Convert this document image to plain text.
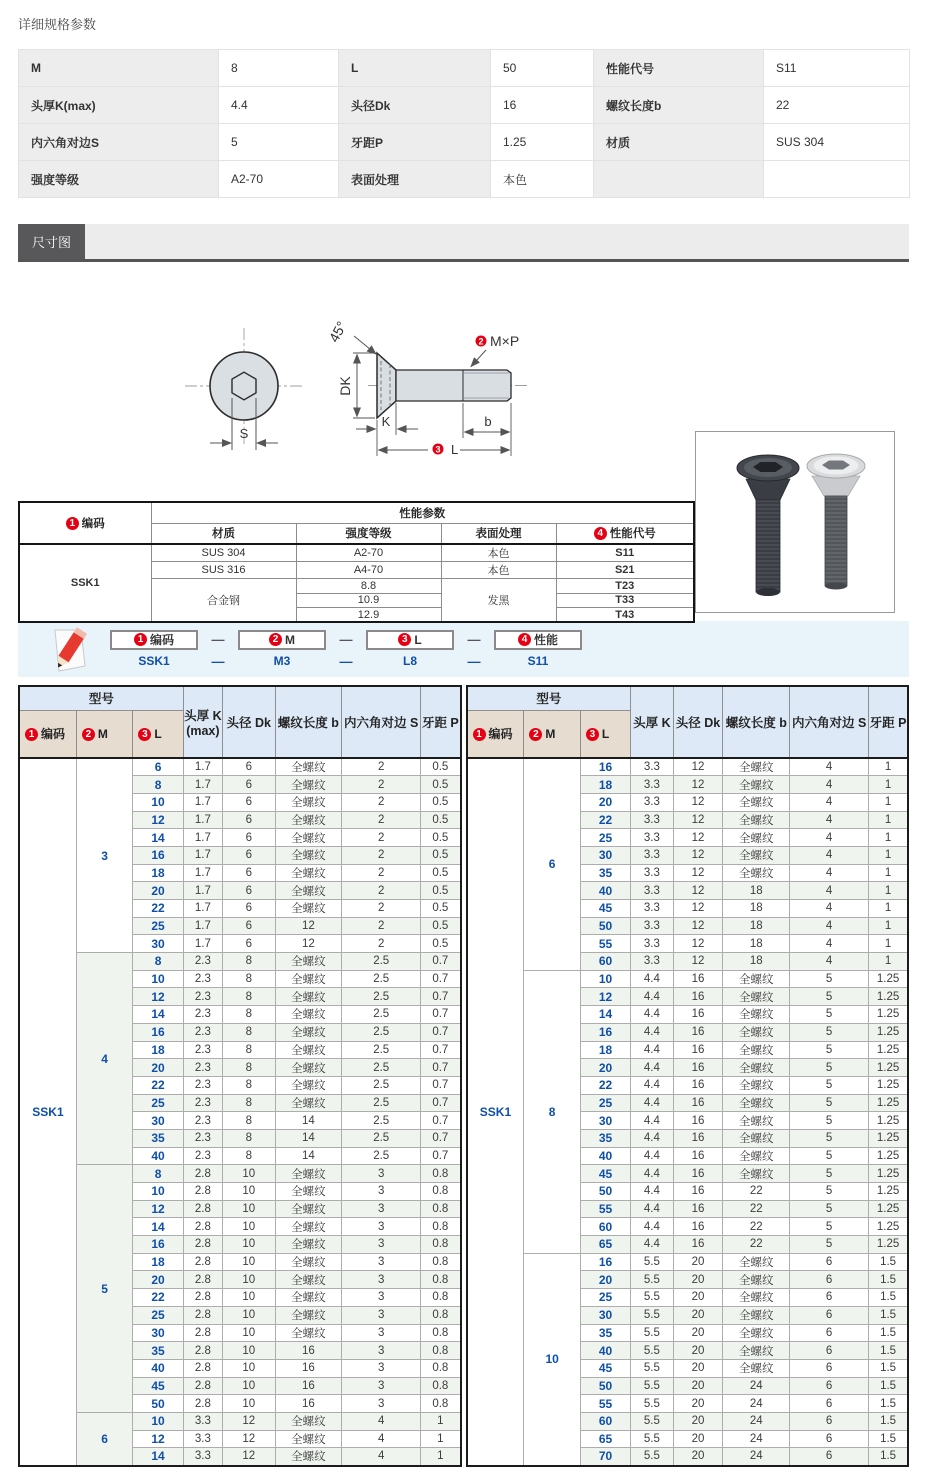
详细规格参数
M	8	L	50	性能代号	S11
头厚K(max)	4.4	头径Dk	16	螺纹长度b	22
内六角对边S	5	牙距P	1.25	材质	SUS 304
强度等级	A2-70	表面处理	本色		
尺寸图
S
45°
DK
K	b
3 L
2 M×P
1 编码	性能参数			
	材质	强度等级	表面处理	4 性能代号
SSK1	SUS 304	A2-70	本色	S11
	SUS 316	A4-70	本色	S21
	合金钢	8.8	发黑	T23
		10.9		T33
		12.9		T43
1 编码	—	2 M	—	3 L	—	4 性能
SSK1	—	M3	—	L8	—	S11
型号			头厚 K
(max)	头径 Dk	螺纹长度 b	内六角对边 S	牙距 P
1 编码	2 M	3 L					
SSK1	3	6	1.7	6	全螺纹	2	0.5
		8	1.7	6	全螺纹	2	0.5
		10	1.7	6	全螺纹	2	0.5
		12	1.7	6	全螺纹	2	0.5
		14	1.7	6	全螺纹	2	0.5
		16	1.7	6	全螺纹	2	0.5
		18	1.7	6	全螺纹	2	0.5
		20	1.7	6	全螺纹	2	0.5
		22	1.7	6	全螺纹	2	0.5
		25	1.7	6	12	2	0.5
		30	1.7	6	12	2	0.5
	4	8	2.3	8	全螺纹	2.5	0.7
		10	2.3	8	全螺纹	2.5	0.7
		12	2.3	8	全螺纹	2.5	0.7
		14	2.3	8	全螺纹	2.5	0.7
		16	2.3	8	全螺纹	2.5	0.7
		18	2.3	8	全螺纹	2.5	0.7
		20	2.3	8	全螺纹	2.5	0.7
		22	2.3	8	全螺纹	2.5	0.7
		25	2.3	8	全螺纹	2.5	0.7
		30	2.3	8	14	2.5	0.7
		35	2.3	8	14	2.5	0.7
		40	2.3	8	14	2.5	0.7
	5	8	2.8	10	全螺纹	3	0.8
		10	2.8	10	全螺纹	3	0.8
		12	2.8	10	全螺纹	3	0.8
		14	2.8	10	全螺纹	3	0.8
		16	2.8	10	全螺纹	3	0.8
		18	2.8	10	全螺纹	3	0.8
		20	2.8	10	全螺纹	3	0.8
		22	2.8	10	全螺纹	3	0.8
		25	2.8	10	全螺纹	3	0.8
		30	2.8	10	全螺纹	3	0.8
		35	2.8	10	16	3	0.8
		40	2.8	10	16	3	0.8
		45	2.8	10	16	3	0.8
		50	2.8	10	16	3	0.8
	6	10	3.3	12	全螺纹	4	1
		12	3.3	12	全螺纹	4	1
		14	3.3	12	全螺纹	4	1
型号			头厚 K	头径 Dk	螺纹长度 b	内六角对边 S	牙距 P
1 编码	2 M	3 L					
SSK1	6	16	3.3	12	全螺纹	4	1
		18	3.3	12	全螺纹	4	1
		20	3.3	12	全螺纹	4	1
		22	3.3	12	全螺纹	4	1
		25	3.3	12	全螺纹	4	1
		30	3.3	12	全螺纹	4	1
		35	3.3	12	全螺纹	4	1
		40	3.3	12	18	4	1
		45	3.3	12	18	4	1
		50	3.3	12	18	4	1
		55	3.3	12	18	4	1
		60	3.3	12	18	4	1
	8	10	4.4	16	全螺纹	5	1.25
		12	4.4	16	全螺纹	5	1.25
		14	4.4	16	全螺纹	5	1.25
		16	4.4	16	全螺纹	5	1.25
		18	4.4	16	全螺纹	5	1.25
		20	4.4	16	全螺纹	5	1.25
		22	4.4	16	全螺纹	5	1.25
		25	4.4	16	全螺纹	5	1.25
		30	4.4	16	全螺纹	5	1.25
		35	4.4	16	全螺纹	5	1.25
		40	4.4	16	全螺纹	5	1.25
		45	4.4	16	全螺纹	5	1.25
		50	4.4	16	22	5	1.25
		55	4.4	16	22	5	1.25
		60	4.4	16	22	5	1.25
		65	4.4	16	22	5	1.25
	10	16	5.5	20	全螺纹	6	1.5
		20	5.5	20	全螺纹	6	1.5
		25	5.5	20	全螺纹	6	1.5
		30	5.5	20	全螺纹	6	1.5
		35	5.5	20	全螺纹	6	1.5
		40	5.5	20	全螺纹	6	1.5
		45	5.5	20	全螺纹	6	1.5
		50	5.5	20	24	6	1.5
		55	5.5	20	24	6	1.5
		60	5.5	20	24	6	1.5
		65	5.5	20	24	6	1.5
		70	5.5	20	24	6	1.5
